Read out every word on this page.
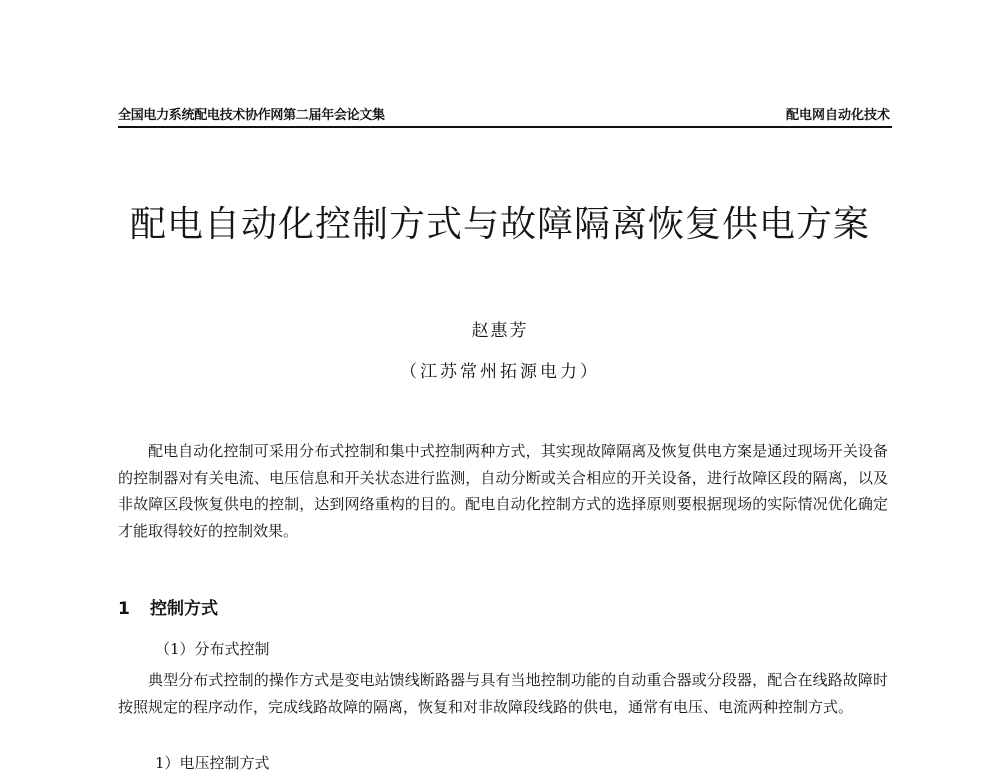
全国电力系统配电技术协作网第二届年会论文集	配电网自动化技术
配电自动化控制方式与故障隔离恢复供电方案
赵惠芳
（江苏常州拓源电力）

配电自动化控制可采用分布式控制和集中式控制两种方式，其实现故障隔离及恢复供电方案是通过现场开关设备的控制器对有关电流、电压信息和开关状态进行监测，自动分断或关合相应的开关设备，进行故障区段的隔离，以及非故障区段恢复供电的控制，达到网络重构的目的。配电自动化控制方式的选择原则要根据现场的实际情况优化确定才能取得较好的控制效果。

1 控制方式
（1）分布式控制

典型分布式控制的操作方式是变电站馈线断路器与具有当地控制功能的自动重合器或分段器，配合在线路故障时按照规定的程序动作，完成线路故障的隔离，恢复和对非故障段线路的供电，通常有电压、电流两种控制方式。

1）电压控制方式
